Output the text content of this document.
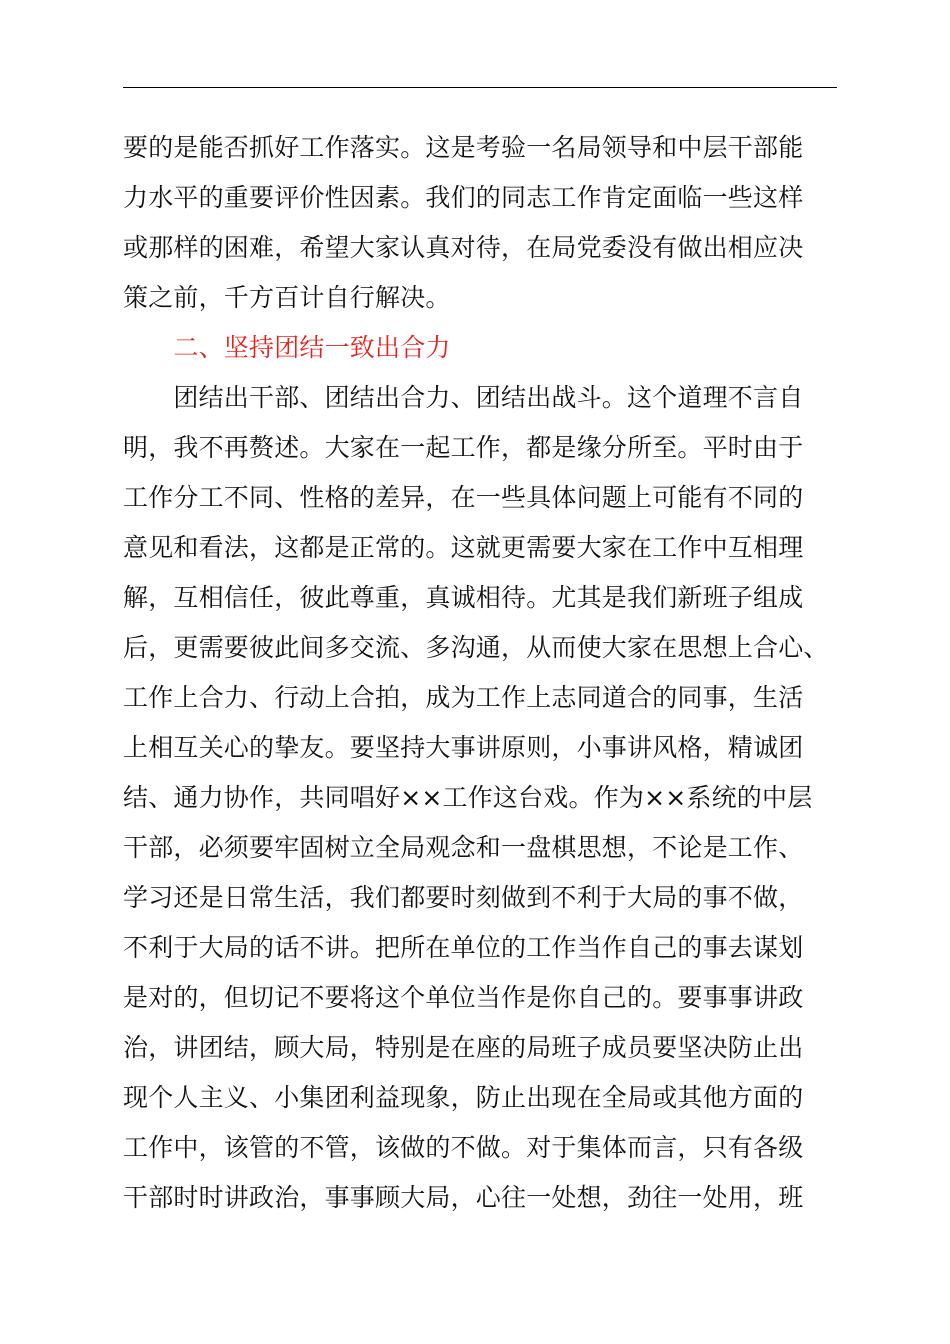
要的是能否抓好工作落实。这是考验一名局领导和中层干部能
力水平的重要评价性因素。我们的同志工作肯定面临一些这样
或那样的困难，希望大家认真对待，在局党委没有做出相应决
策之前，千方百计自行解决。
　　二、坚持团结一致出合力
　　团结出干部、团结出合力、团结出战斗。这个道理不言自
明，我不再赘述。大家在一起工作，都是缘分所至。平时由于
工作分工不同、性格的差异，在一些具体问题上可能有不同的
意见和看法，这都是正常的。这就更需要大家在工作中互相理
解，互相信任，彼此尊重，真诚相待。尤其是我们新班子组成
后，更需要彼此间多交流、多沟通，从而使大家在思想上合心、
工作上合力、行动上合拍，成为工作上志同道合的同事，生活
上相互关心的挚友。要坚持大事讲原则，小事讲风格，精诚团
结、通力协作，共同唱好××工作这台戏。作为××系统的中层
干部，必须要牢固树立全局观念和一盘棋思想，不论是工作、
学习还是日常生活，我们都要时刻做到不利于大局的事不做，
不利于大局的话不讲。把所在单位的工作当作自己的事去谋划
是对的，但切记不要将这个单位当作是你自己的。要事事讲政
治，讲团结，顾大局，特别是在座的局班子成员要坚决防止出
现个人主义、小集团利益现象，防止出现在全局或其他方面的
工作中，该管的不管，该做的不做。对于集体而言，只有各级
干部时时讲政治，事事顾大局，心往一处想，劲往一处用，班
